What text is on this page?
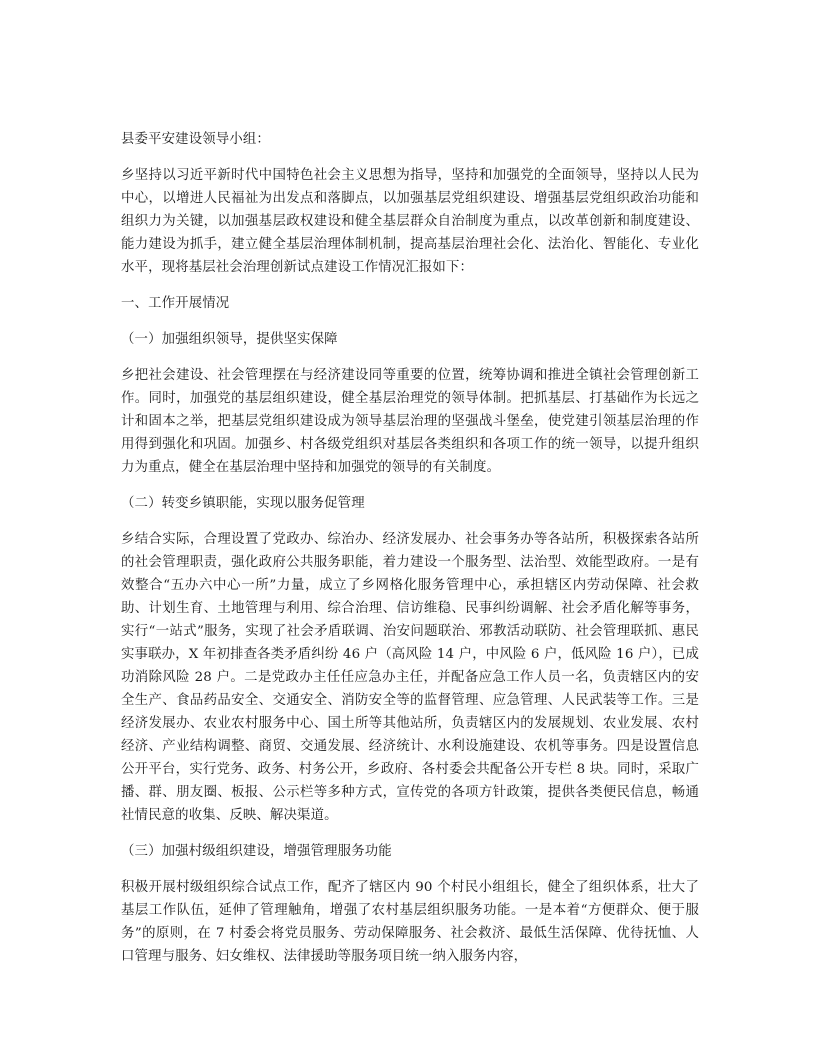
县委平安建设领导小组：

乡坚持以习近平新时代中国特色社会主义思想为指导，坚持和加强党的全面领导，坚持以人民为中心，以增进人民福祉为出发点和落脚点，以加强基层党组织建设、增强基层党组织政治功能和组织力为关键，以加强基层政权建设和健全基层群众自治制度为重点，以改革创新和制度建设、能力建设为抓手，建立健全基层治理体制机制，提高基层治理社会化、法治化、智能化、专业化水平，现将基层社会治理创新试点建设工作情况汇报如下：

一、工作开展情况

（一）加强组织领导，提供坚实保障

乡把社会建设、社会管理摆在与经济建设同等重要的位置，统筹协调和推进全镇社会管理创新工作。同时，加强党的基层组织建设，健全基层治理党的领导体制。把抓基层、打基础作为长远之计和固本之举，把基层党组织建设成为领导基层治理的坚强战斗堡垒，使党建引领基层治理的作用得到强化和巩固。加强乡、村各级党组织对基层各类组织和各项工作的统一领导，以提升组织力为重点，健全在基层治理中坚持和加强党的领导的有关制度。

（二）转变乡镇职能，实现以服务促管理

乡结合实际，合理设置了党政办、综治办、经济发展办、社会事务办等各站所，积极探索各站所的社会管理职责，强化政府公共服务职能，着力建设一个服务型、法治型、效能型政府。一是有效整合“五办六中心一所”力量，成立了乡网格化服务管理中心，承担辖区内劳动保障、社会救助、计划生育、土地管理与利用、综合治理、信访维稳、民事纠纷调解、社会矛盾化解等事务，实行“一站式”服务，实现了社会矛盾联调、治安问题联治、邪教活动联防、社会管理联抓、惠民实事联办，X 年初排查各类矛盾纠纷 46 户（高风险 14 户，中风险 6 户，低风险 16 户），已成功消除风险 28 户。二是党政办主任任应急办主任，并配备应急工作人员一名，负责辖区内的安全生产、食品药品安全、交通安全、消防安全等的监督管理、应急管理、人民武装等工作。三是经济发展办、农业农村服务中心、国土所等其他站所，负责辖区内的发展规划、农业发展、农村经济、产业结构调整、商贸、交通发展、经济统计、水利设施建设、农机等事务。四是设置信息公开平台，实行党务、政务、村务公开，乡政府、各村委会共配备公开专栏 8 块。同时，采取广播、群、朋友圈、板报、公示栏等多种方式，宣传党的各项方针政策，提供各类便民信息，畅通社情民意的收集、反映、解决渠道。

（三）加强村级组织建设，增强管理服务功能

积极开展村级组织综合试点工作，配齐了辖区内 90 个村民小组组长，健全了组织体系，壮大了基层工作队伍，延伸了管理触角，增强了农村基层组织服务功能。一是本着“方便群众、便于服务”的原则，在 7 村委会将党员服务、劳动保障服务、社会救济、最低生活保障、优待抚恤、人口管理与服务、妇女维权、法律援助等服务项目统一纳入服务内容，
